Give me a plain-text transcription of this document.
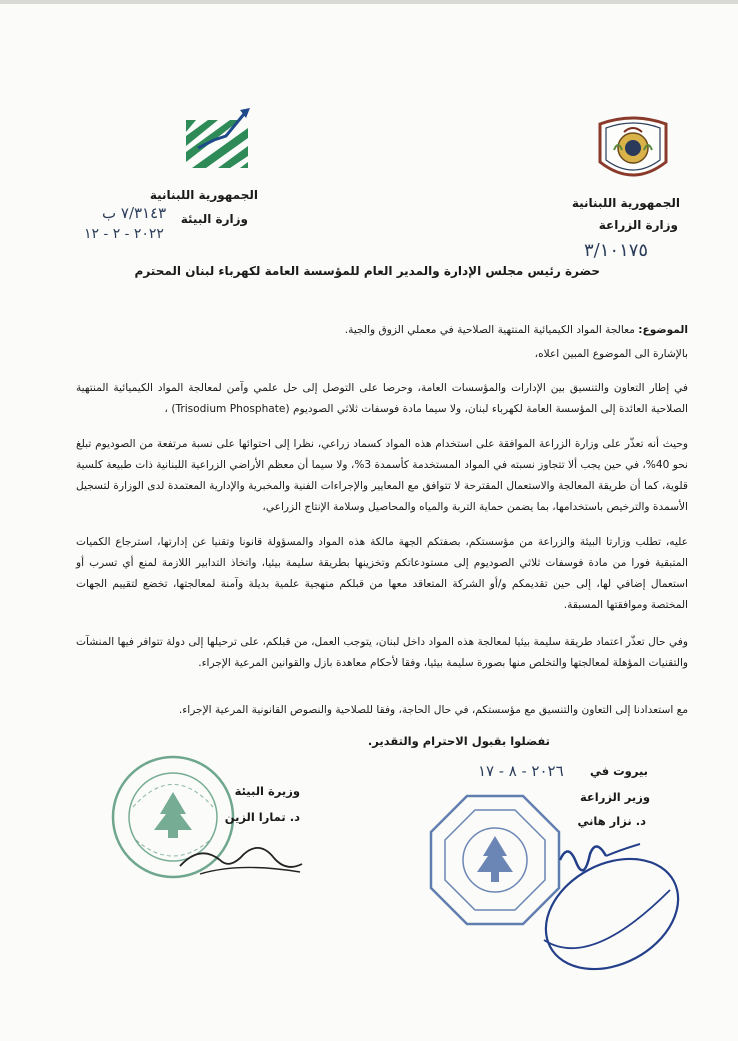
الجمهورية اللبنانية
وزارة البيئة
٧/٣١٤٣ ب
٢٠٢٢ - ٢ - ١٢
الجمهورية اللبنانية
وزارة الزراعة
٣/١٠١٧٥
حضرة رئيس مجلس الإدارة والمدير العام للمؤسسة العامة لكهرباء لبنان المحترم
الموضوع: معالجة المواد الكيميائية المنتهية الصلاحية في معملي الزوق والجية.
بالإشارة الى الموضوع المبين اعلاه،
في إطار التعاون والتنسيق بين الإدارات والمؤسسات العامة، وحرصا على التوصل إلى حل علمي وآمن لمعالجة المواد الكيميائية المنتهية الصلاحية العائدة إلى المؤسسة العامة لكهرباء لبنان، ولا سيما مادة فوسفات ثلاثي الصوديوم (Trisodium Phosphate) ،
وحيث أنه تعذّر على وزارة الزراعة الموافقة على استخدام هذه المواد كسماد زراعي، نظرا إلى احتوائها على نسبة مرتفعة من الصوديوم تبلغ نحو 40%، في حين يجب ألا تتجاوز نسبته في المواد المستخدمة كأسمدة 3%، ولا سيما أن معظم الأراضي الزراعية اللبنانية ذات طبيعة كلسية قلوية، كما أن طريقة المعالجة والاستعمال المقترحة لا تتوافق مع المعايير والإجراءات الفنية والمخبرية والإدارية المعتمدة لدى الوزارة لتسجيل الأسمدة والترخيص باستخدامها، بما يضمن حماية التربة والمياه والمحاصيل وسلامة الإنتاج الزراعي،
عليه، تطلب وزارتا البيئة والزراعة من مؤسستكم، بصفتكم الجهة مالكة هذه المواد والمسؤولة قانونا وتقنيا عن إدارتها، استرجاع الكميات المتبقية فورا من مادة فوسفات ثلاثي الصوديوم إلى مستودعاتكم وتخزينها بطريقة سليمة بيئيا، واتخاذ التدابير اللازمة لمنع أي تسرب أو استعمال إضافي لها، إلى حين تقديمكم و/أو الشركة المتعاقد معها من قبلكم منهجية علمية بديلة وآمنة لمعالجتها، تخضع لتقييم الجهات المختصة وموافقتها المسبقة.
وفي حال تعذّر اعتماد طريقة سليمة بيئيا لمعالجة هذه المواد داخل لبنان، يتوجب العمل، من قبلكم، على ترحيلها إلى دولة تتوافر فيها المنشآت والتقنيات المؤهلة لمعالجتها والتخلص منها بصورة سليمة بيئيا، وفقا لأحكام معاهدة بازل والقوانين المرعية الإجراء.
مع استعدادنا إلى التعاون والتنسيق مع مؤسستكم، في حال الحاجة، وفقا للصلاحية والنصوص القانونية المرعية الإجراء.
تفضلوا بقبول الاحترام والتقدير.
بيروت في
٢٠٢٦ - ٨ - ١٧
وزير الزراعة
د. نزار هاني
وزيرة البيئة
د. تمارا الزين
